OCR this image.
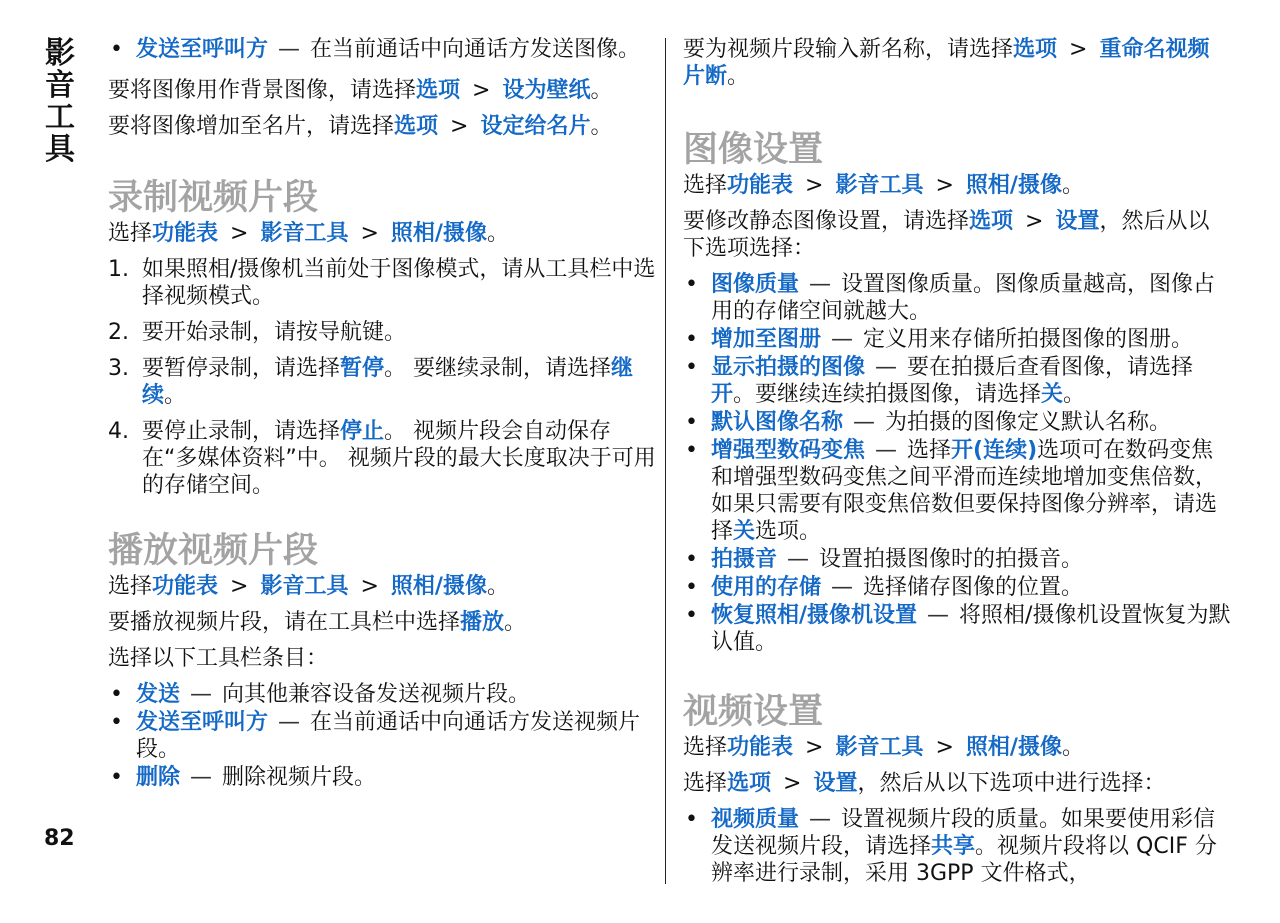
影音工具
82
• 发送至呼叫方 — 在当前通话中向通话方发送图像。

要将图像用作背景图像，请选择选项 > 设为壁纸。

要将图像增加至名片，请选择选项 > 设定给名片。

录制视频片段

选择功能表 > 影音工具 > 照相/摄像。

1. 如果照相/摄像机当前处于图像模式，请从工具栏中选择视频模式。
2. 要开始录制，请按导航键。
3. 要暂停录制，请选择暂停。 要继续录制，请选择继续。
4. 要停止录制，请选择停止。 视频片段会自动保存在“多媒体资料”中。 视频片段的最大长度取决于可用的存储空间。
播放视频片段

选择功能表 > 影音工具 > 照相/摄像。

要播放视频片段，请在工具栏中选择播放。

选择以下工具栏条目：

• 发送 — 向其他兼容设备发送视频片段。
• 发送至呼叫方 — 在当前通话中向通话方发送视频片段。
• 删除 — 删除视频片段。

要为视频片段输入新名称，请选择选项 > 重命名视频片断。

图像设置

选择功能表 > 影音工具 > 照相/摄像。

要修改静态图像设置，请选择选项 > 设置，然后从以下选项选择：

• 图像质量 — 设置图像质量。图像质量越高，图像占用的存储空间就越大。
• 增加至图册 — 定义用来存储所拍摄图像的图册。
• 显示拍摄的图像 — 要在拍摄后查看图像，请选择开。要继续连续拍摄图像，请选择关。
• 默认图像名称 — 为拍摄的图像定义默认名称。
• 增强型数码变焦 — 选择开(连续)选项可在数码变焦和增强型数码变焦之间平滑而连续地增加变焦倍数，如果只需要有限变焦倍数但要保持图像分辨率，请选择关选项。
• 拍摄音 — 设置拍摄图像时的拍摄音。
• 使用的存储 — 选择储存图像的位置。
• 恢复照相/摄像机设置 — 将照相/摄像机设置恢复为默认值。
视频设置

选择功能表 > 影音工具 > 照相/摄像。

选择选项 > 设置，然后从以下选项中进行选择：

• 视频质量 — 设置视频片段的质量。如果要使用彩信发送视频片段，请选择共享。视频片段将以 QCIF 分辨率进行录制，采用 3GPP 文件格式，
